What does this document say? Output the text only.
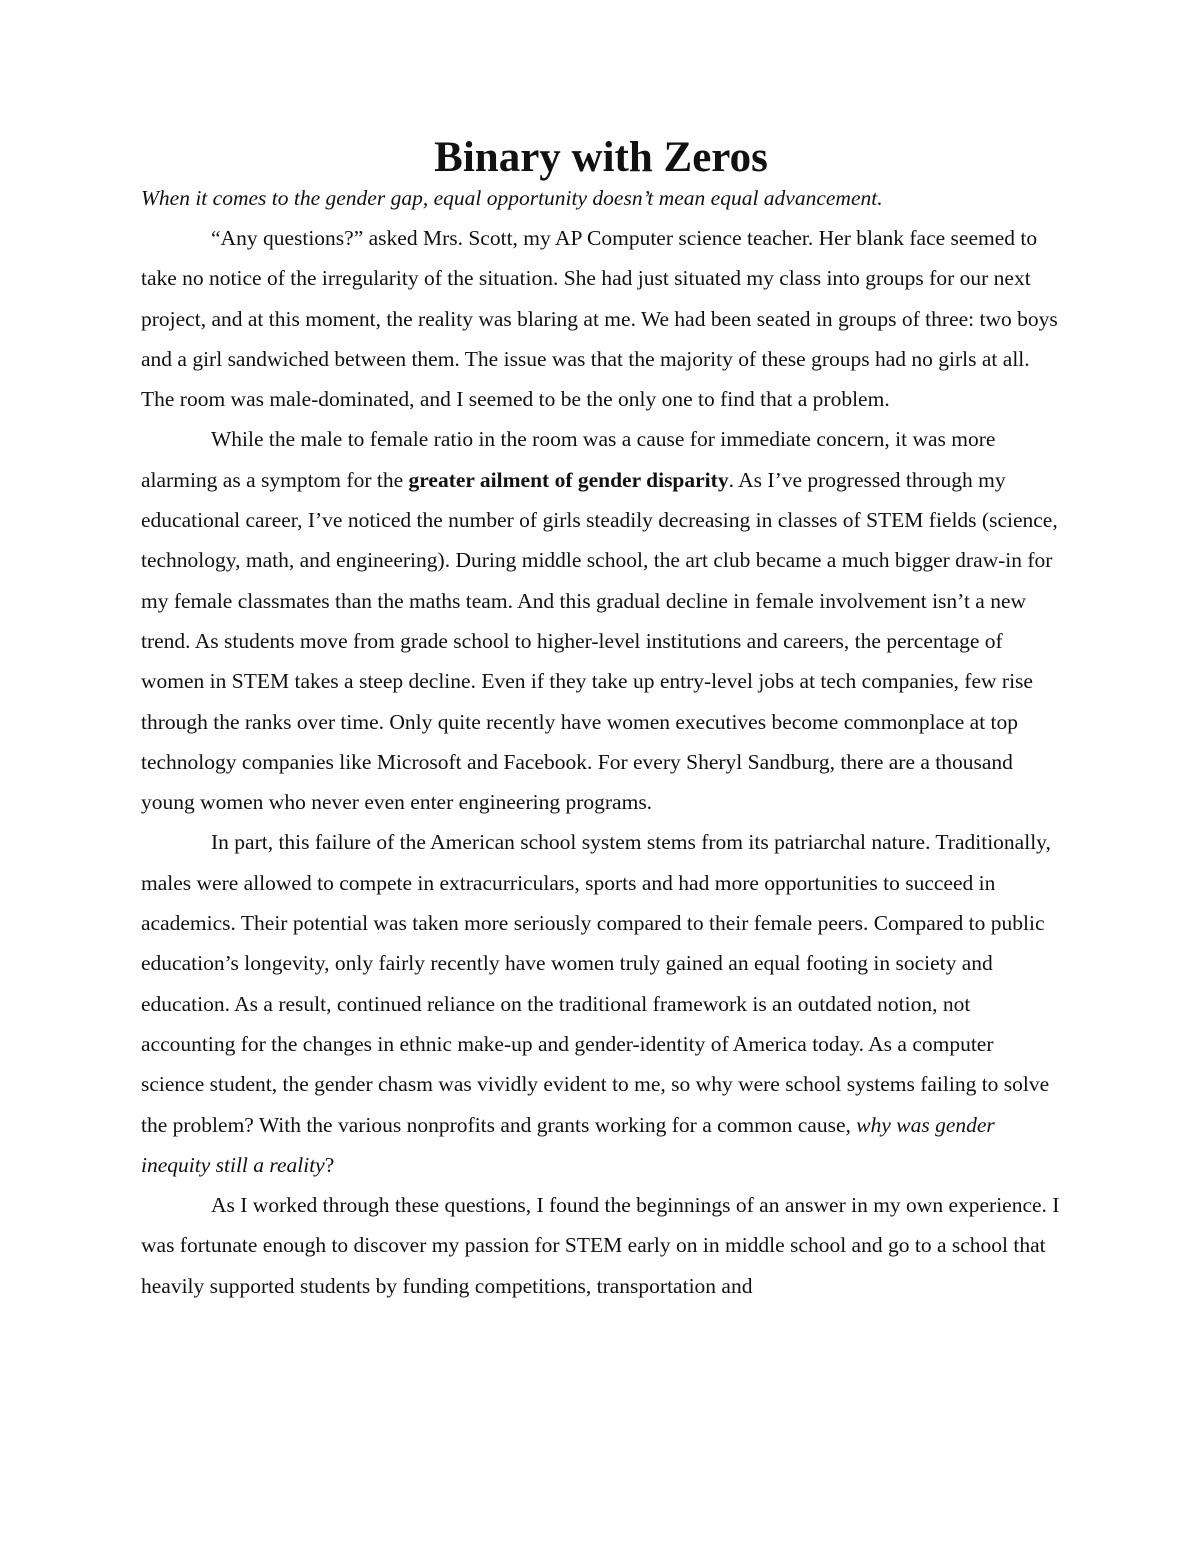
Binary with Zeros

When it comes to the gender gap, equal opportunity doesn’t mean equal advancement.

“Any questions?” asked Mrs. Scott, my AP Computer science teacher. Her blank face seemed to take no notice of the irregularity of the situation. She had just situated my class into groups for our next project, and at this moment, the reality was blaring at me. We had been seated in groups of three: two boys and a girl sandwiched between them. The issue was that the majority of these groups had no girls at all. The room was male-dominated, and I seemed to be the only one to find that a problem.

While the male to female ratio in the room was a cause for immediate concern, it was more alarming as a symptom for the greater ailment of gender disparity. As I’ve progressed through my educational career, I’ve noticed the number of girls steadily decreasing in classes of STEM fields (science, technology, math, and engineering). During middle school, the art club became a much bigger draw-in for my female classmates than the maths team. And this gradual decline in female involvement isn’t a new trend. As students move from grade school to higher-level institutions and careers, the percentage of women in STEM takes a steep decline. Even if they take up entry-level jobs at tech companies, few rise through the ranks over time. Only quite recently have women executives become commonplace at top technology companies like Microsoft and Facebook. For every Sheryl Sandburg, there are a thousand young women who never even enter engineering programs.

In part, this failure of the American school system stems from its patriarchal nature. Traditionally, males were allowed to compete in extracurriculars, sports and had more opportunities to succeed in academics. Their potential was taken more seriously compared to their female peers. Compared to public education’s longevity, only fairly recently have women truly gained an equal footing in society and education. As a result, continued reliance on the traditional framework is an outdated notion, not accounting for the changes in ethnic make-up and gender-identity of America today. As a computer science student, the gender chasm was vividly evident to me, so why were school systems failing to solve the problem? With the various nonprofits and grants working for a common cause, why was gender inequity still a reality?

As I worked through these questions, I found the beginnings of an answer in my own experience. I was fortunate enough to discover my passion for STEM early on in middle school and go to a school that heavily supported students by funding competitions, transportation and
